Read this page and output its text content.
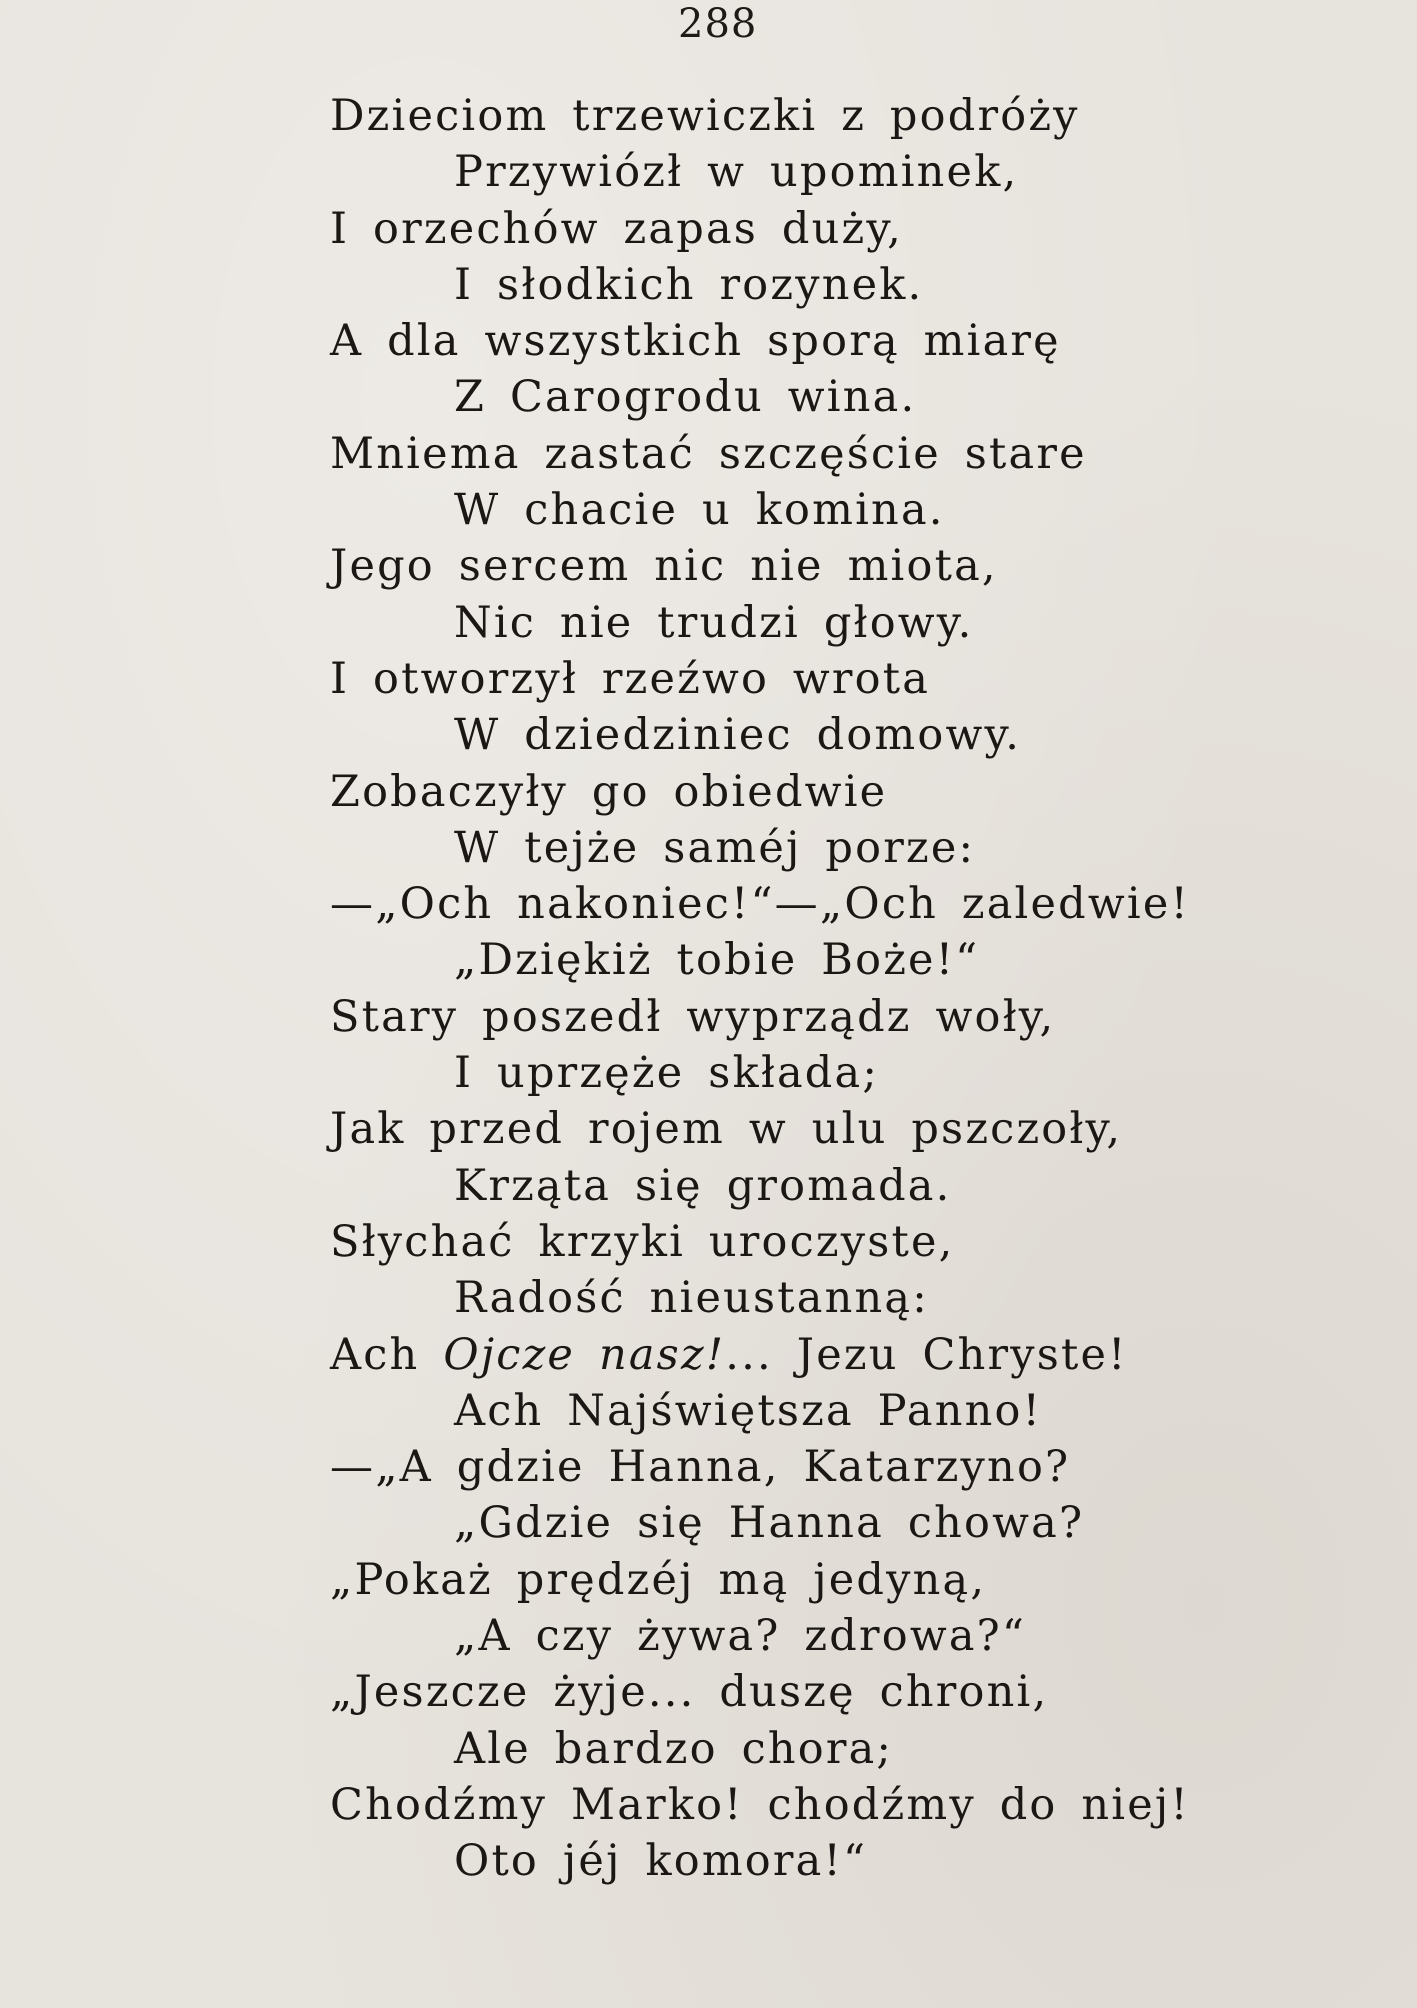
288
Dzieciom trzewiczki z podróży
Przywiózł w upominek,
I orzechów zapas duży,
I słodkich rozynek.
A dla wszystkich sporą miarę
Z Carogrodu wina.
Mniema zastać szczęście stare
W chacie u komina.
Jego sercem nic nie miota,
Nic nie trudzi głowy.
I otworzył rzeźwo wrota
W dziedziniec domowy.
Zobaczyły go obiedwie
W tejże saméj porze:
—„Och nakoniec!“—„Och zaledwie!
„Dziękiż tobie Boże!“
Stary poszedł wyprządz woły,
I uprzęże składa;
Jak przed rojem w ulu pszczoły,
Krząta się gromada.
Słychać krzyki uroczyste,
Radość nieustanną:
Ach Ojcze nasz!... Jezu Chryste!
Ach Najświętsza Panno!
—„A gdzie Hanna, Katarzyno?
„Gdzie się Hanna chowa?
„Pokaż prędzéj mą jedyną,
„A czy żywa? zdrowa?“
„Jeszcze żyje... duszę chroni,
Ale bardzo chora;
Chodźmy Marko! chodźmy do niej!
Oto jéj komora!“
